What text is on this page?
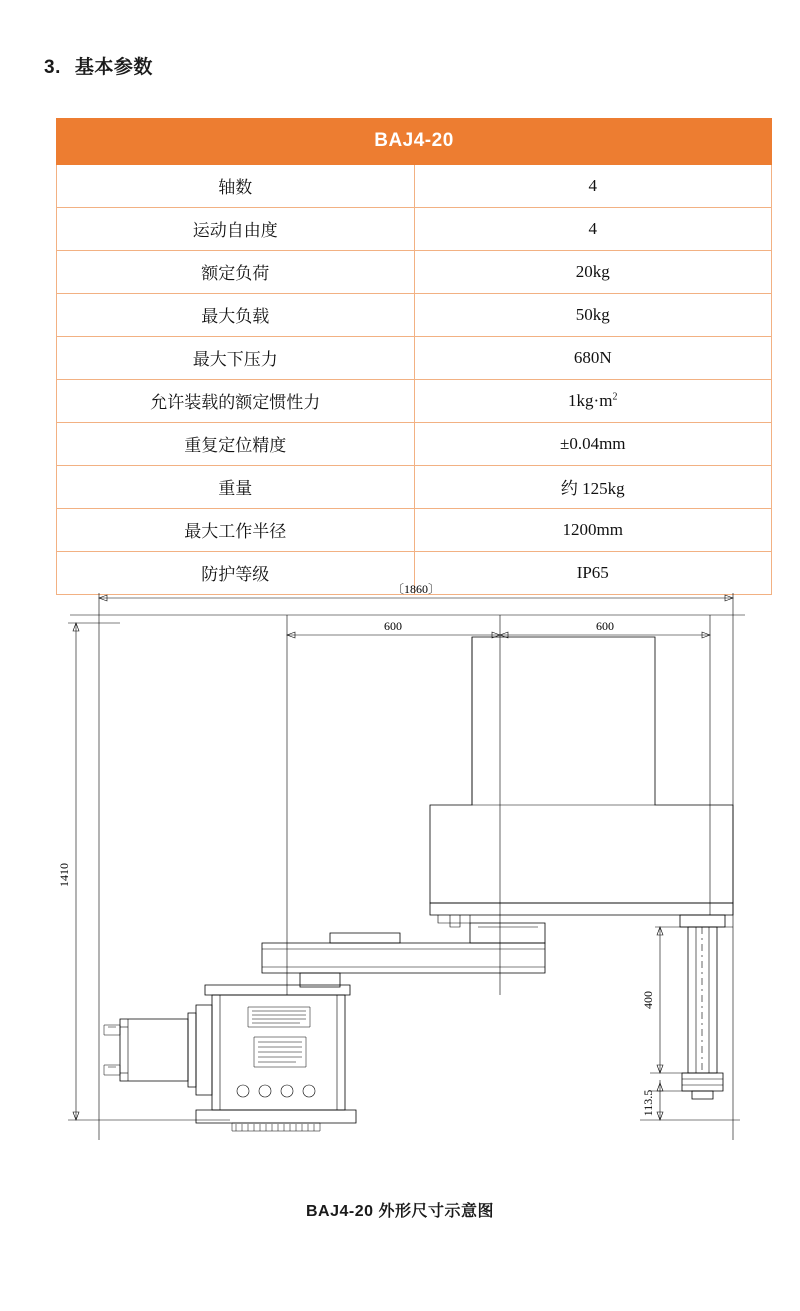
3. 基本参数
BAJ4-20	
轴数	4
运动自由度	4
额定负荷	20kg
最大负载	50kg
最大下压力	680N
允许装载的额定惯性力	$1kg\cdot m^2$
重复定位精度	±0.04mm
重量	约 125kg
最大工作半径	1200mm
防护等级	IP65
〔1860〕
600	600
1410
400
113.5
BAJ4-20 外形尺寸示意图
